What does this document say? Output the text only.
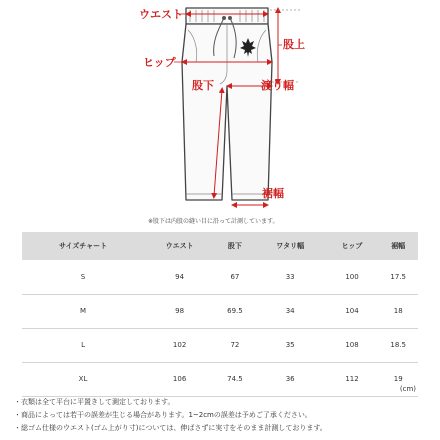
ウエスト
ヒップ
股上
股下	渡り幅
裾幅
※股下は内股の縫い目に沿って計測しています。
サイズチャート	ウエスト	股下	ワタリ幅	ヒップ	裾幅
S	94	67	33	100	17.5
M	98	69.5	34	104	18
L	102	72	35	108	18.5
XL	106	74.5	36	112	19
(cm)
・衣類は全て平台に平置きして測定しております。
・商品によっては若干の誤差が生じる場合があります。1~2cmの誤差は予めご了承ください。
・総ゴム仕様のウエスト(ゴム上がり寸)については、伸ばさずに実寸をそのまま計測しております。
